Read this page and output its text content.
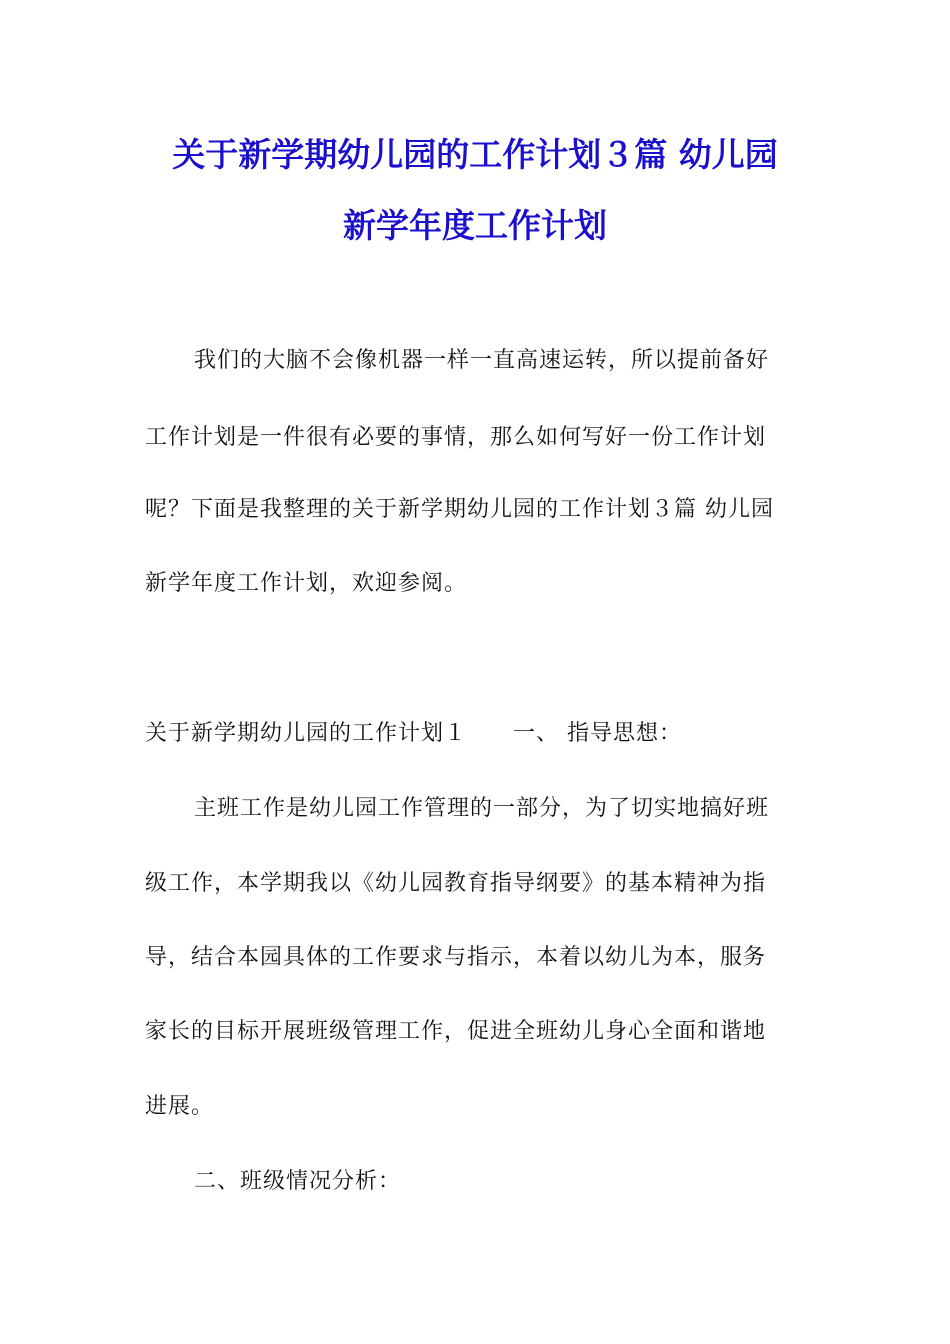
关于新学期幼儿园的工作计划３篇 幼儿园
新学年度工作计划
我们的大脑不会像机器一样一直高速运转，所以提前备好
工作计划是一件很有必要的事情，那么如何写好一份工作计划
呢？下面是我整理的关于新学期幼儿园的工作计划３篇 幼儿园
新学年度工作计划，欢迎参阅。
关于新学期幼儿园的工作计划１　　一、 指导思想：
主班工作是幼儿园工作管理的一部分，为了切实地搞好班
级工作，本学期我以《幼儿园教育指导纲要》的基本精神为指
导，结合本园具体的工作要求与指示，本着以幼儿为本，服务
家长的目标开展班级管理工作，促进全班幼儿身心全面和谐地
进展。
二、班级情况分析：
